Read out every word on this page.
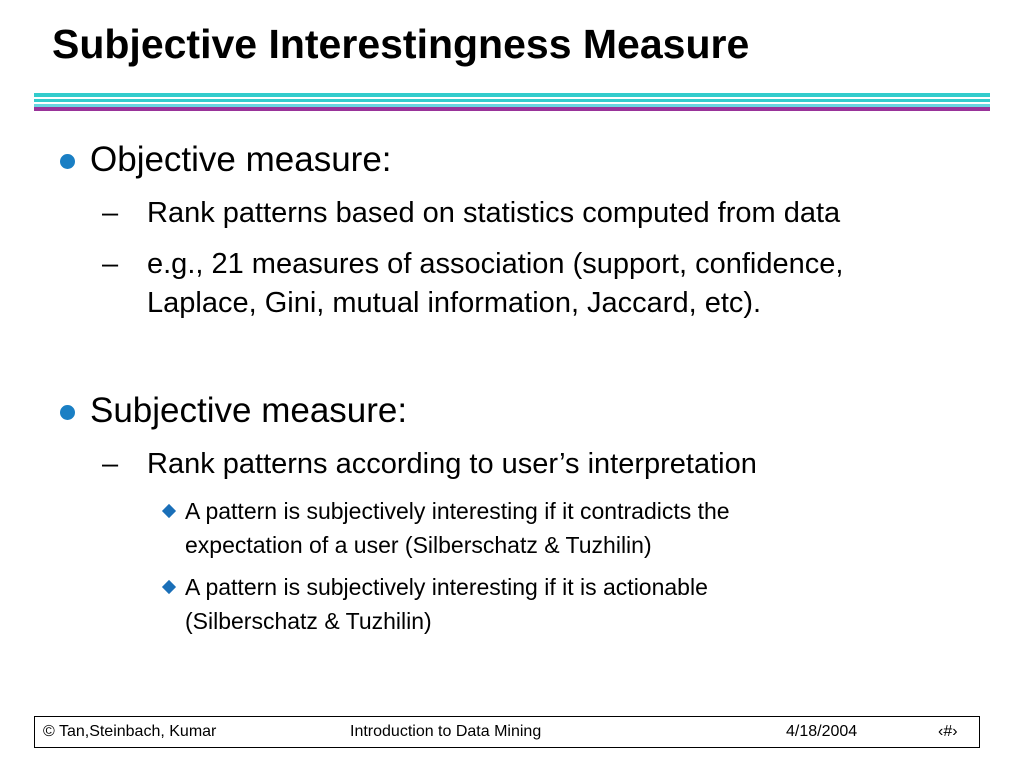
Subjective Interestingness Measure
Objective measure:
– Rank patterns based on statistics computed from data
– e.g., 21 measures of association (support, confidence,
Laplace, Gini, mutual information, Jaccard, etc).
Subjective measure:
– Rank patterns according to user’s interpretation
A pattern is subjectively interesting if it contradicts the
expectation of a user (Silberschatz & Tuzhilin)
A pattern is subjectively interesting if it is actionable
(Silberschatz & Tuzhilin)
© Tan,Steinbach, Kumar	Introduction to Data Mining	4/18/2004	‹#›
